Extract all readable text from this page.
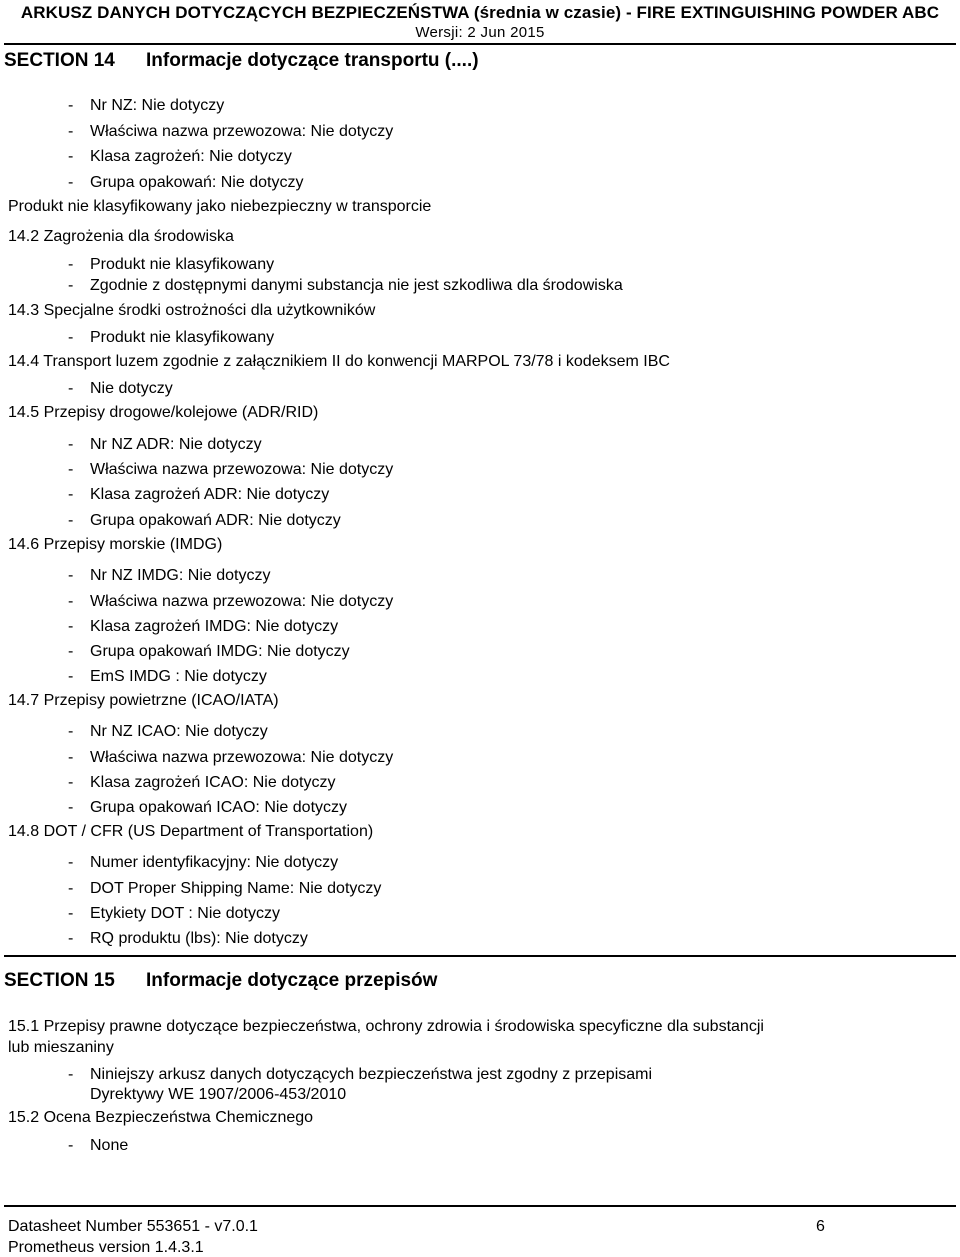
ARKUSZ DANYCH DOTYCZĄCYCH BEZPIECZEŃSTWA (średnia w czasie) - FIRE EXTINGUISHING POWDER ABC
Wersji: 2 Jun 2015
SECTION 14 Informacje dotyczące transportu (....)
- Nr NZ: Nie dotyczy
- Właściwa nazwa przewozowa: Nie dotyczy
- Klasa zagrożeń: Nie dotyczy
- Grupa opakowań: Nie dotyczy
Produkt nie klasyfikowany jako niebezpieczny w transporcie
14.2 Zagrożenia dla środowiska
- Produkt nie klasyfikowany
- Zgodnie z dostępnymi danymi substancja nie jest szkodliwa dla środowiska
14.3 Specjalne środki ostrożności dla użytkowników
- Produkt nie klasyfikowany
14.4 Transport luzem zgodnie z załącznikiem II do konwencji MARPOL 73/78 i kodeksem IBC
- Nie dotyczy
14.5 Przepisy drogowe/kolejowe (ADR/RID)
- Nr NZ ADR: Nie dotyczy
- Właściwa nazwa przewozowa: Nie dotyczy
- Klasa zagrożeń ADR: Nie dotyczy
- Grupa opakowań ADR: Nie dotyczy
14.6 Przepisy morskie (IMDG)
- Nr NZ IMDG: Nie dotyczy
- Właściwa nazwa przewozowa: Nie dotyczy
- Klasa zagrożeń IMDG: Nie dotyczy
- Grupa opakowań IMDG: Nie dotyczy
- EmS IMDG : Nie dotyczy
14.7 Przepisy powietrzne (ICAO/IATA)
- Nr NZ ICAO: Nie dotyczy
- Właściwa nazwa przewozowa: Nie dotyczy
- Klasa zagrożeń ICAO: Nie dotyczy
- Grupa opakowań ICAO: Nie dotyczy
14.8 DOT / CFR (US Department of Transportation)
- Numer identyfikacyjny: Nie dotyczy
- DOT Proper Shipping Name: Nie dotyczy
- Etykiety DOT : Nie dotyczy
- RQ produktu (lbs): Nie dotyczy
SECTION 15 Informacje dotyczące przepisów
15.1 Przepisy prawne dotyczące bezpieczeństwa, ochrony zdrowia i środowiska specyficzne dla substancji lub mieszaniny
-	Niniejszy arkusz danych dotyczących bezpieczeństwa jest zgodny z przepisami Dyrektywy WE 1907/2006-453/2010
15.2 Ocena Bezpieczeństwa Chemicznego
- None
Datasheet Number 553651 - v7.0.1
Prometheus version 1.4.3.1
6
